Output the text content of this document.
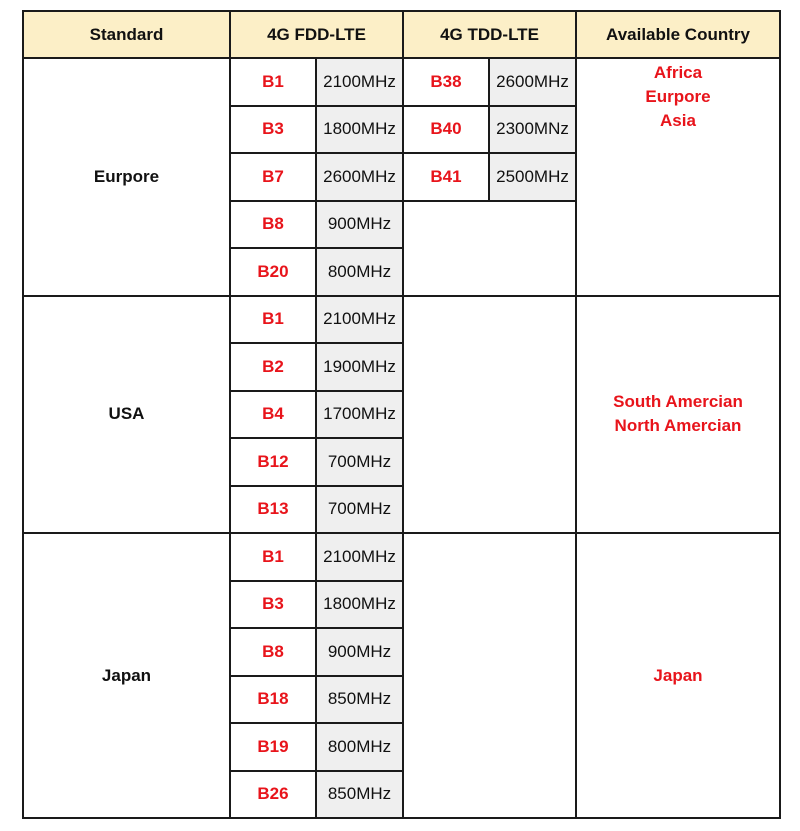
Standard	4G FDD-LTE		4G TDD-LTE		Available Country
Eurpore	B1	2100MHz	B38	2600MHz	Africa
Eurpore
Asia

	B3	1800MHz	B40	2300MNz	
	B7	2600MHz	B41	2500MHz	
	B8	900MHz			
	B20	800MHz			
USA	B1	2100MHz			South Amercian
North Amercian

	B2	1900MHz			
	B4	1700MHz			
	B12	700MHz			
	B13	700MHz			
Japan	B1	2100MHz			Japan

	B3	1800MHz			
	B8	900MHz			
	B18	850MHz			
	B19	800MHz			
	B26	850MHz			
